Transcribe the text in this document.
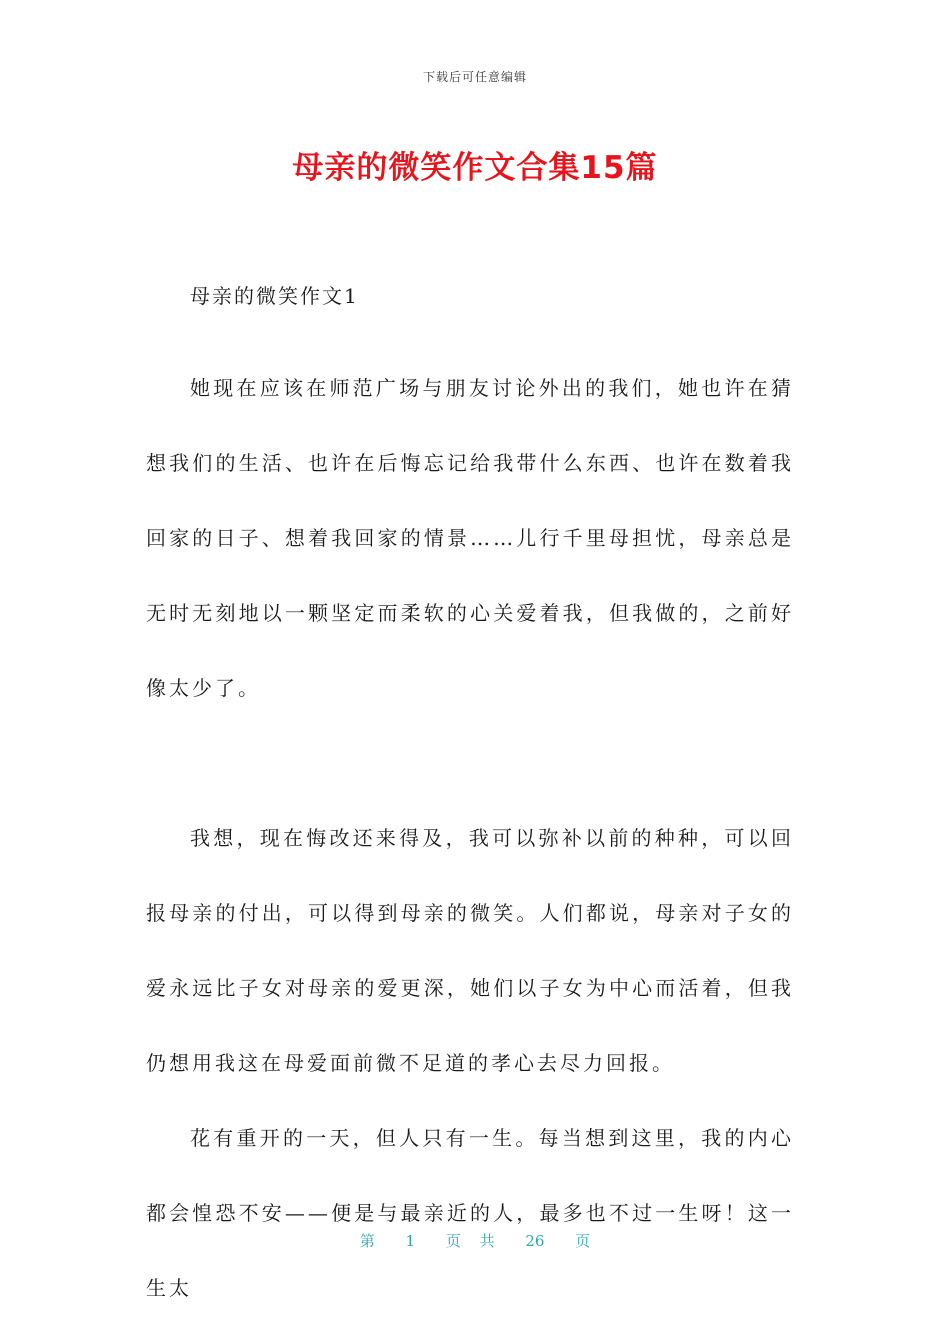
下载后可任意编辑
母亲的微笑作文合集15篇

母亲的微笑作文1

她现在应该在师范广场与朋友讨论外出的我们，她也许在猜想我们的生活、也许在后悔忘记给我带什么东西、也许在数着我回家的日子、想着我回家的情景……儿行千里母担忧，母亲总是无时无刻地以一颗坚定而柔软的心关爱着我，但我做的，之前好像太少了。

我想，现在悔改还来得及，我可以弥补以前的种种，可以回报母亲的付出，可以得到母亲的微笑。人们都说，母亲对子女的爱永远比子女对母亲的爱更深，她们以子女为中心而活着，但我仍想用我这在母爱面前微不足道的孝心去尽力回报。

花有重开的一天，但人只有一生。每当想到这里，我的内心都会惶恐不安——便是与最亲近的人，最多也不过一生呀！这一生太

第 1 页 共 26 页
